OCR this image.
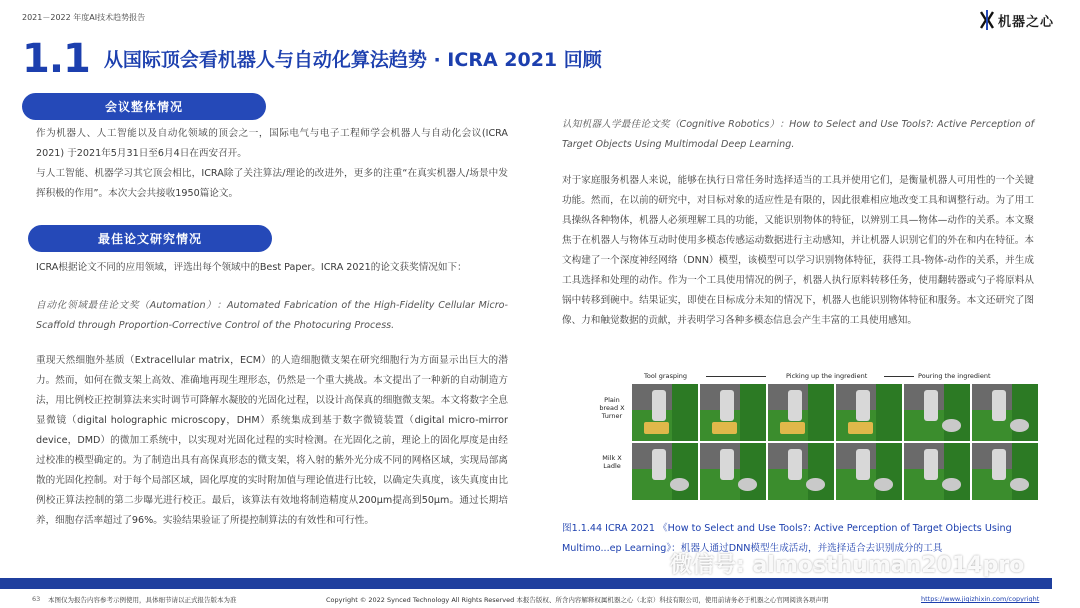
2021－2022 年度AI技术趋势报告	机器之心
1.1 从国际顶会看机器人与自动化算法趋势 · ICRA 2021 回顾
会议整体情况
作为机器人、人工智能以及自动化领域的顶会之一，国际电气与电子工程师学会机器人与自动化会议(ICRA 2021) 于2021年5月31日至6月4日在西安召开。
与人工智能、机器学习其它顶会相比，ICRA除了关注算法/理论的改进外，更多的注重“在真实机器人/场景中发挥积极的作用”。本次大会共接收1950篇论文。
最佳论文研究情况
ICRA根据论文不同的应用领域，评选出每个领域中的Best Paper。ICRA 2021的论文获奖情况如下：
自动化领域最佳论文奖（Automation）：Automated Fabrication of the High-Fidelity Cellular Micro-Scaffold through Proportion-Corrective Control of the Photocuring Process.
重现天然细胞外基质（Extracellular matrix，ECM）的人造细胞微支架在研究细胞行为方面显示出巨大的潜力。然而，如何在微支架上高效、准确地再现生理形态，仍然是一个重大挑战。本文提出了一种新的自动制造方法，用比例校正控制算法来实时调节可降解水凝胶的光固化过程，以设计高保真的细胞微支架。本文将数字全息显微镜（digital holographic microscopy，DHM）系统集成到基于数字微镜装置（digital micro-mirror device，DMD）的微加工系统中，以实现对光固化过程的实时检测。在光固化之前，理论上的固化厚度是由经过校准的模型确定的。为了制造出具有高保真形态的微支架，将入射的紫外光分成不同的网格区域，实现局部离散的光固化控制。对于每个局部区域，固化厚度的实时附加值与理论值进行比较，以确定失真度，该失真度由比例校正算法控制的第二步曝光进行校正。最后，该算法有效地将制造精度从200μm提高到50μm。通过长期培养，细胞存活率超过了96%。实验结果验证了所提控制算法的有效性和可行性。
认知机器人学最佳论文奖（Cognitive Robotics）：How to Select and Use Tools?: Active Perception of Target Objects Using Multimodal Deep Learning.
对于家庭服务机器人来说，能够在执行日常任务时选择适当的工具并使用它们，是衡量机器人可用性的一个关键功能。然而，在以前的研究中，对目标对象的适应性是有限的，因此很难相应地改变工具和调整行动。为了用工具操纵各种物体，机器人必须理解工具的功能，又能识别物体的特征，以辨别工具—物体—动作的关系。本文聚焦于在机器人与物体互动时使用多模态传感运动数据进行主动感知，并让机器人识别它们的外在和内在特征。本文构建了一个深度神经网络（DNN）模型，该模型可以学习识别物体特征，获得工具-物体-动作的关系，并生成工具选择和处理的动作。作为一个工具使用情况的例子，机器人执行原料转移任务，使用翻转器或勺子将原料从锅中转移到碗中。结果证实，即使在目标成分未知的情况下，机器人也能识别物体特征和服务。本文还研究了图像、力和触觉数据的贡献，并表明学习各种多模态信息会产生丰富的工具使用感知。
Tool grasping	Picking up the ingredient	Pouring the ingredient
Plain bread X Turner
Milk X Ladle
图1.1.44 ICRA 2021 《How to Select and Use Tools?: Active Perception of Target Objects Using Multimo...ep Learning》：机器人通过DNN模型生成活动，并选择适合去识别成分的工具
微信号: almosthuman2014pro
63 本图仅为报告内容参考示例使用，具体细节请以正式报告版本为准	Copyright © 2022 Synced Technology All Rights Reserved 本报告版权、所含内容解释权属机器之心（北京）科技有限公司，使用前请务必于机器之心官网阅读各项声明	https://www.jiqizhixin.com/copyright
